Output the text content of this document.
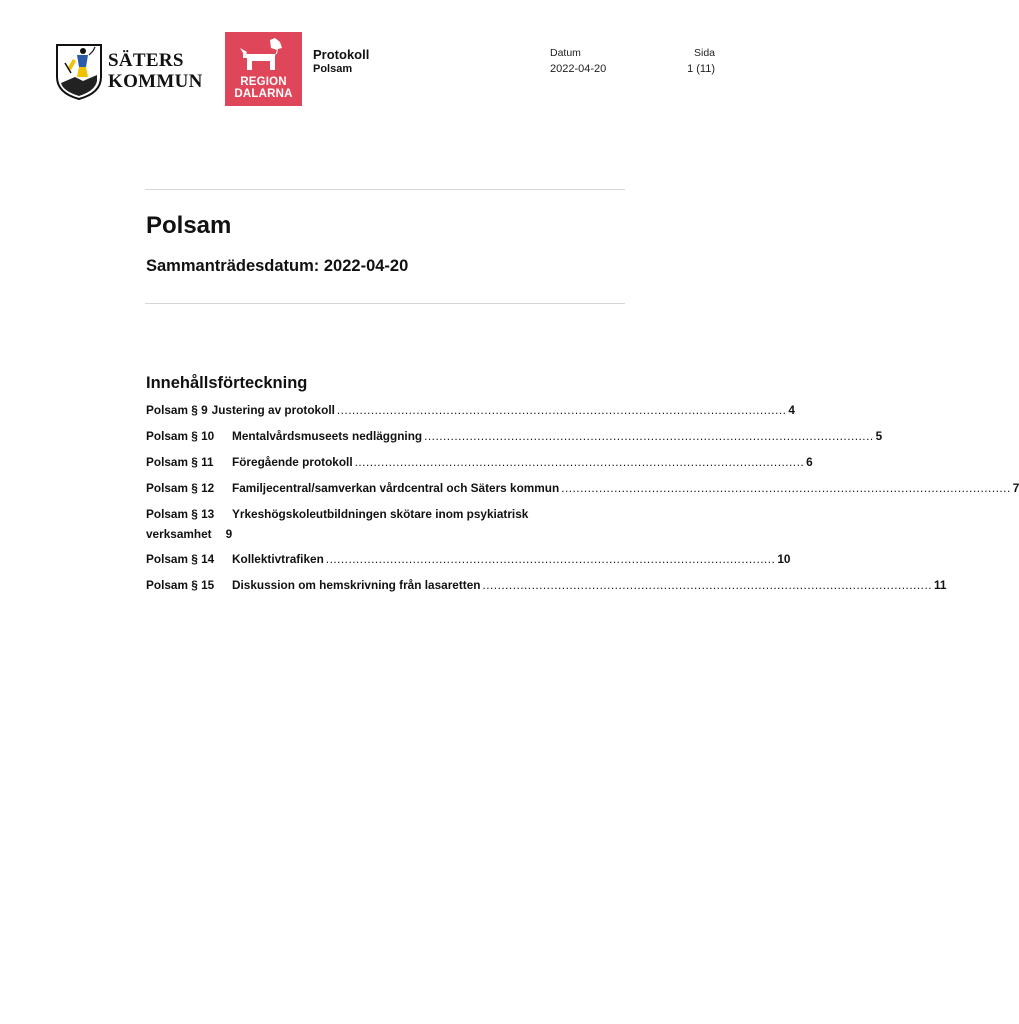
SÄTERS
KOMMUN	REGION
DALARNA
Protokoll
Polsam
Datum
2022-04-20
Sida
1 (11)
Polsam
Sammanträdesdatum: 2022-04-20
Innehållsförteckning
Polsam § 9 Justering av protokoll ....................................................................................................................... 4
Polsam § 10	Mentalvårdsmuseets nedläggning ....................................................................................................................... 5
Polsam § 11	Föregående protokoll ....................................................................................................................... 6
Polsam § 12	Familjecentral/samverkan vårdcentral och Säters kommun ....................................................................................................................... 7
Polsam § 13	Yrkeshögskoleutbildningen skötare inom psykiatrisk
verksamhet 9
Polsam § 14	Kollektivtrafiken ....................................................................................................................... 10
Polsam § 15	Diskussion om hemskrivning från lasaretten ....................................................................................................................... 11
